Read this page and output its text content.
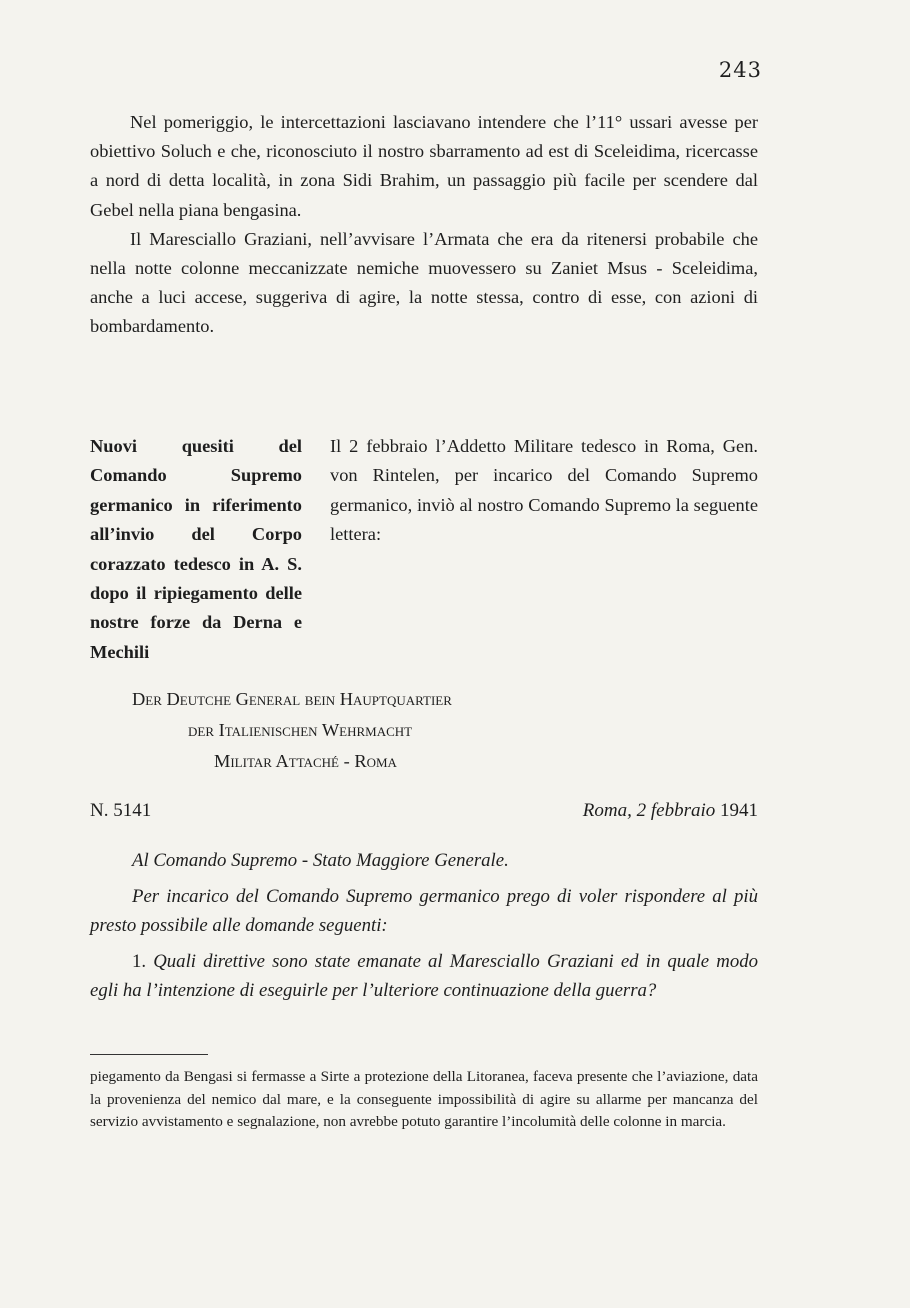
243

Nel pomeriggio, le intercettazioni lasciavano intendere che l’11° ussari avesse per obiettivo Soluch e che, riconosciuto il nostro sbarramento ad est di Sceleidima, ricercasse a nord di detta località, in zona Sidi Brahim, un passaggio più facile per scendere dal Gebel nella piana bengasina.

Il Maresciallo Graziani, nell’avvisare l’Armata che era da ritenersi probabile che nella notte colonne meccanizzate nemiche muovessero su Zaniet Msus - Sceleidima, anche a luci accese, suggeriva di agire, la notte stessa, contro di esse, con azioni di bombardamento.

Nuovi quesiti del Comando Supremo germanico in riferimento all’invio del Corpo corazzato tedesco in A. S. dopo il ripiegamento delle nostre forze da Derna e Mechili
Il 2 febbraio l’Addetto Militare tedesco in Roma, Gen. von Rintelen, per incarico del Comando Supremo germanico, inviò al nostro Comando Supremo la seguente lettera:
Der Deutche General bein Hauptquartier
der Italienischen Wehrmacht
Militar Attaché - Roma
N. 5141	Roma, 2 febbraio 1941

Al Comando Supremo - Stato Maggiore Generale.

Per incarico del Comando Supremo germanico prego di voler rispondere al più presto possibile alle domande seguenti:

1. Quali direttive sono state emanate al Maresciallo Graziani ed in quale modo egli ha l’intenzione di eseguirle per l’ulteriore continuazione della guerra?

piegamento da Bengasi si fermasse a Sirte a protezione della Litoranea, faceva presente che l’aviazione, data la provenienza del nemico dal mare, e la conseguente impossibilità di agire su allarme per mancanza del servizio avvistamento e segnalazione, non avrebbe potuto garantire l’incolumità delle colonne in marcia.
